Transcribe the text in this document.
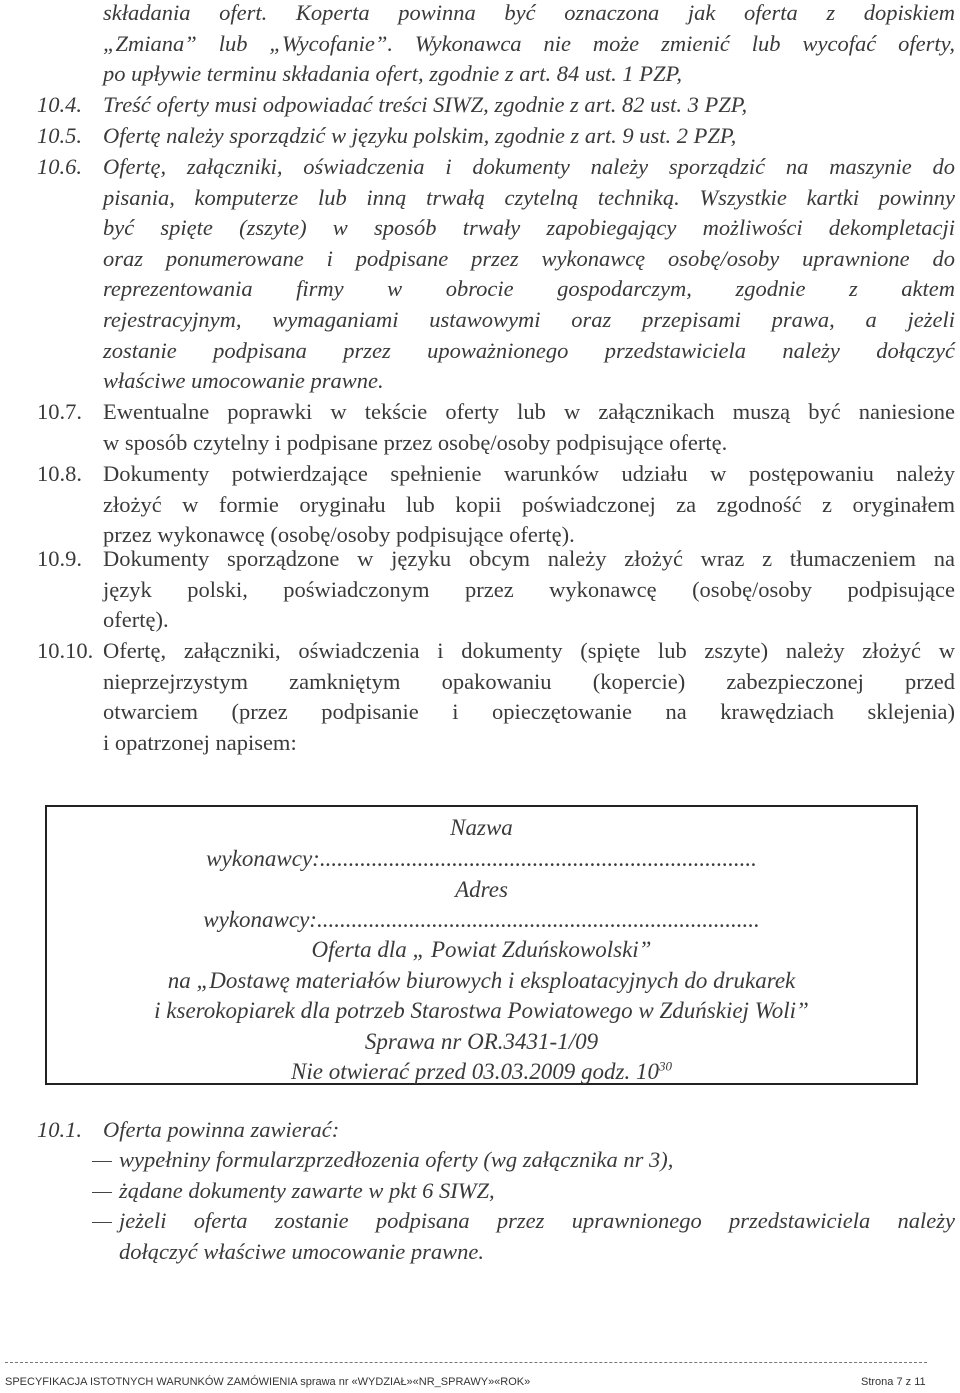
składania ofert. Koperta powinna być oznaczona jak oferta z dopiskiem
„Zmiana” lub „Wycofanie”. Wykonawca nie może zmienić lub wycofać oferty,
po upływie terminu składania ofert, zgodnie z art. 84 ust. 1 PZP,
10.4. Treść oferty musi odpowiadać treści SIWZ, zgodnie z art. 82 ust. 3 PZP,
10.5. Ofertę należy sporządzić w języku polskim, zgodnie z art. 9 ust. 2 PZP,
10.6. Ofertę, załączniki, oświadczenia i dokumenty należy sporządzić na maszynie do
pisania, komputerze lub inną trwałą czytelną techniką. Wszystkie kartki powinny
być spięte (zszyte) w sposób trwały zapobiegający możliwości dekompletacji
oraz ponumerowane i podpisane przez wykonawcę osobę/osoby uprawnione do
reprezentowania firmy w obrocie gospodarczym, zgodnie z aktem
rejestracyjnym, wymaganiami ustawowymi oraz przepisami prawa, a jeżeli
zostanie podpisana przez upoważnionego przedstawiciela należy dołączyć
właściwe umocowanie prawne.
10.7. Ewentualne poprawki w tekście oferty lub w załącznikach muszą być naniesione
w sposób czytelny i podpisane przez osobę/osoby podpisujące ofertę.
10.8. Dokumenty potwierdzające spełnienie warunków udziału w postępowaniu należy
złożyć w formie oryginału lub kopii poświadczonej za zgodność z oryginałem
przez wykonawcę (osobę/osoby podpisujące ofertę).
10.9. Dokumenty sporządzone w języku obcym należy złożyć wraz z tłumaczeniem na
język polski, poświadczonym przez wykonawcę (osobę/osoby podpisujące
ofertę).
10.10. Ofertę, załączniki, oświadczenia i dokumenty (spięte lub zszyte) należy złożyć w
nieprzejrzystym zamkniętym opakowaniu (kopercie) zabezpieczonej przed
otwarciem (przez podpisanie i opieczętowanie na krawędziach sklejenia)
i opatrzonej napisem:
Nazwa
wykonawcy:............................................................................
Adres
wykonawcy:.............................................................................
Oferta dla „ Powiat Zduńskowolski”
na „Dostawę materiałów biurowych i eksploatacyjnych do drukarek
i kserokopiarek dla potrzeb Starostwa Powiatowego w Zduńskiej Woli”
Sprawa nr OR.3431-1/09
Nie otwierać przed 03.03.2009 godz. $10^{30}$
10.1. Oferta powinna zawierać:
wypełniny formularzprzedłozenia oferty (wg załącznika nr 3),
żądane dokumenty zawarte w pkt 6 SIWZ,
jeżeli oferta zostanie podpisana przez uprawnionego przedstawiciela należy
dołączyć właściwe umocowanie prawne.
SPECYFIKACJA ISTOTNYCH WARUNKÓW ZAMÓWIENIA sprawa nr «WYDZIAŁ»«NR_SPRAWY»«ROK»	Strona 7 z 11
